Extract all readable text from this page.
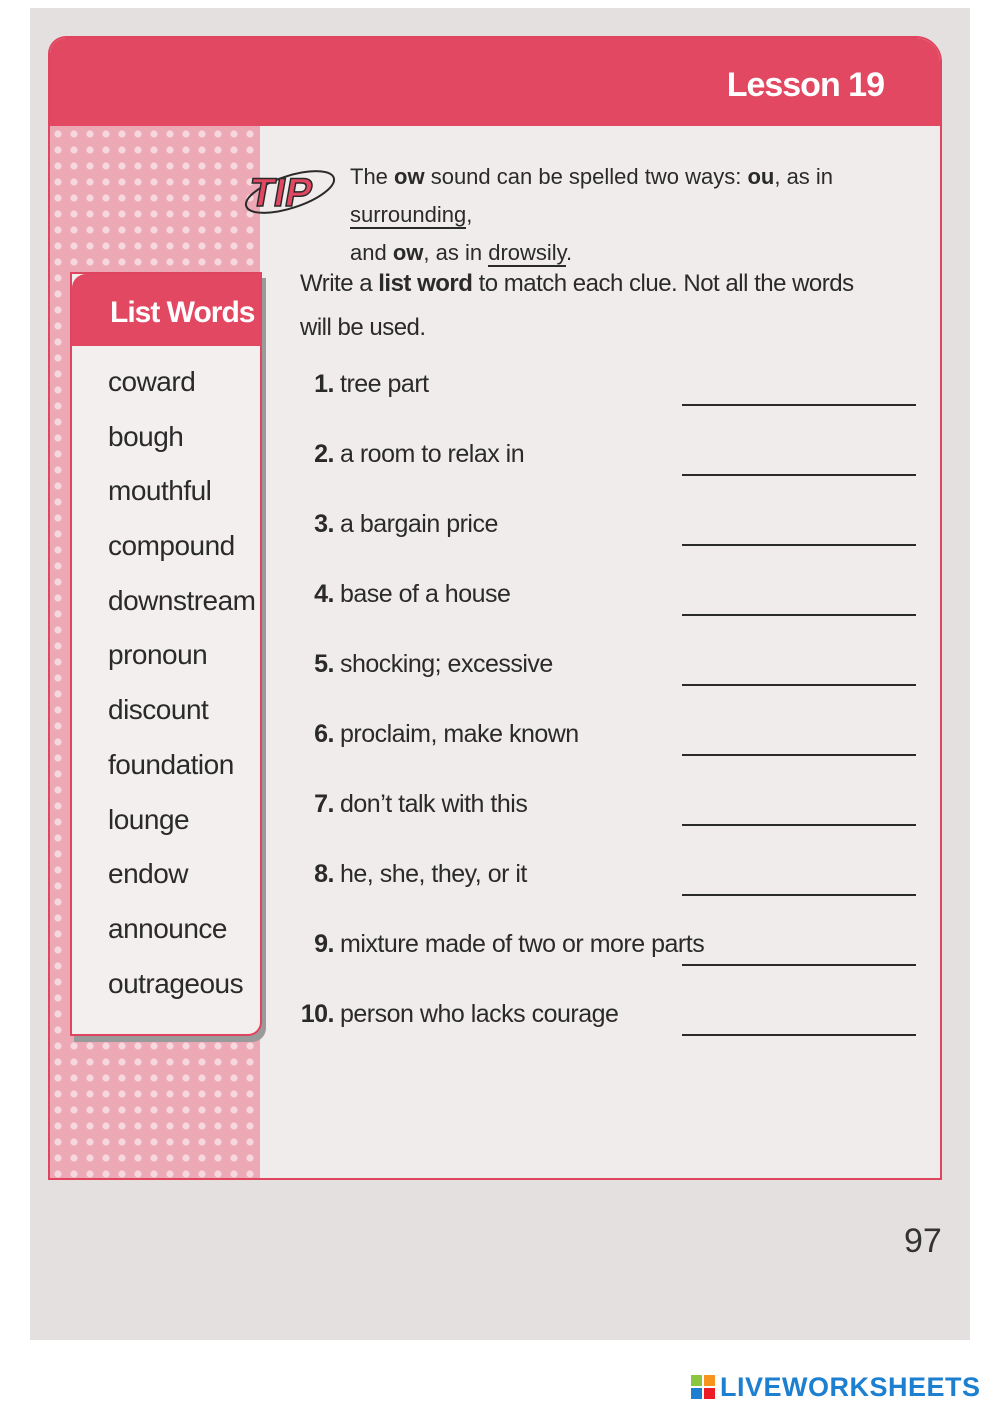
Lesson 19
TIP The ow sound can be spelled two ways: ou, as in surrounding,
and ow, as in drowsily.
Write a list word to match each clue. Not all the words will be used.
List Words
coward
bough
mouthful
compound
downstream
pronoun
discount
foundation
lounge
endow
announce
outrageous
1. tree part
2. a room to relax in
3. a bargain price
4. base of a house
5. shocking; excessive
6. proclaim, make known
7. don’t talk with this
8. he, she, they, or it
9. mixture made of two or more parts
10. person who lacks courage
97
LIVEWORKSHEETS
